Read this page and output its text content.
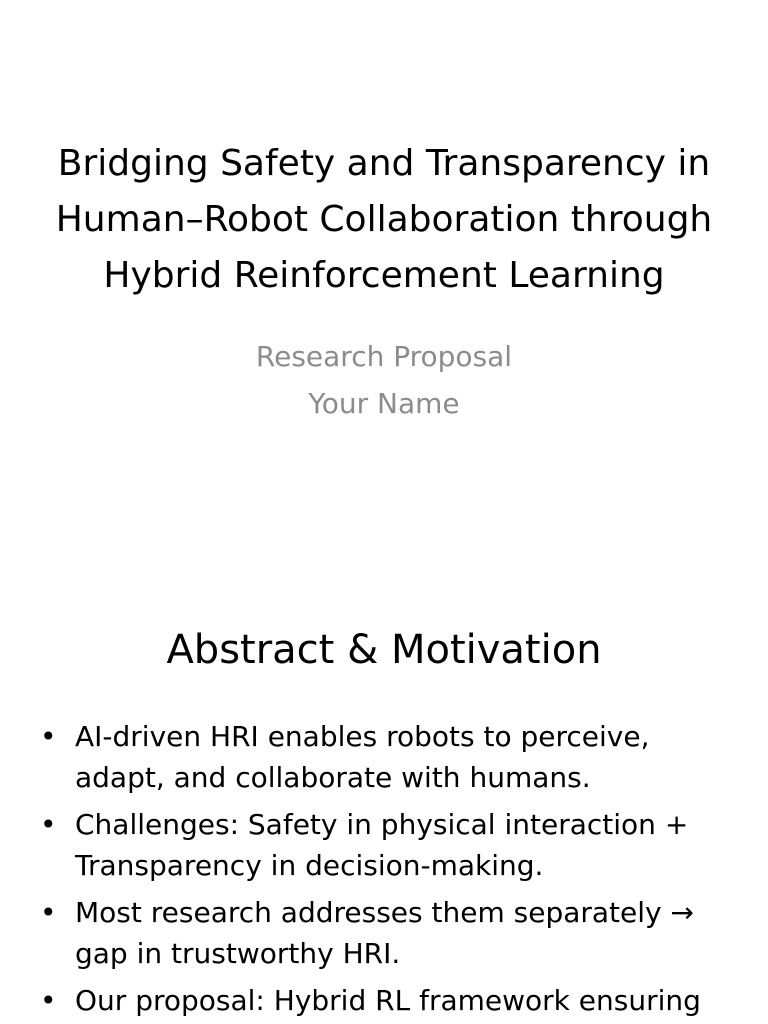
Bridging Safety and Transparency in Human–Robot Collaboration through Hybrid Reinforcement Learning
Research Proposal
Your Name
Abstract & Motivation
• AI-driven HRI enables robots to perceive, adapt, and collaborate with humans.
• Challenges: Safety in physical interaction + Transparency in decision-making.
• Most research addresses them separately → gap in trustworthy HRI.
• Our proposal: Hybrid RL framework ensuring
